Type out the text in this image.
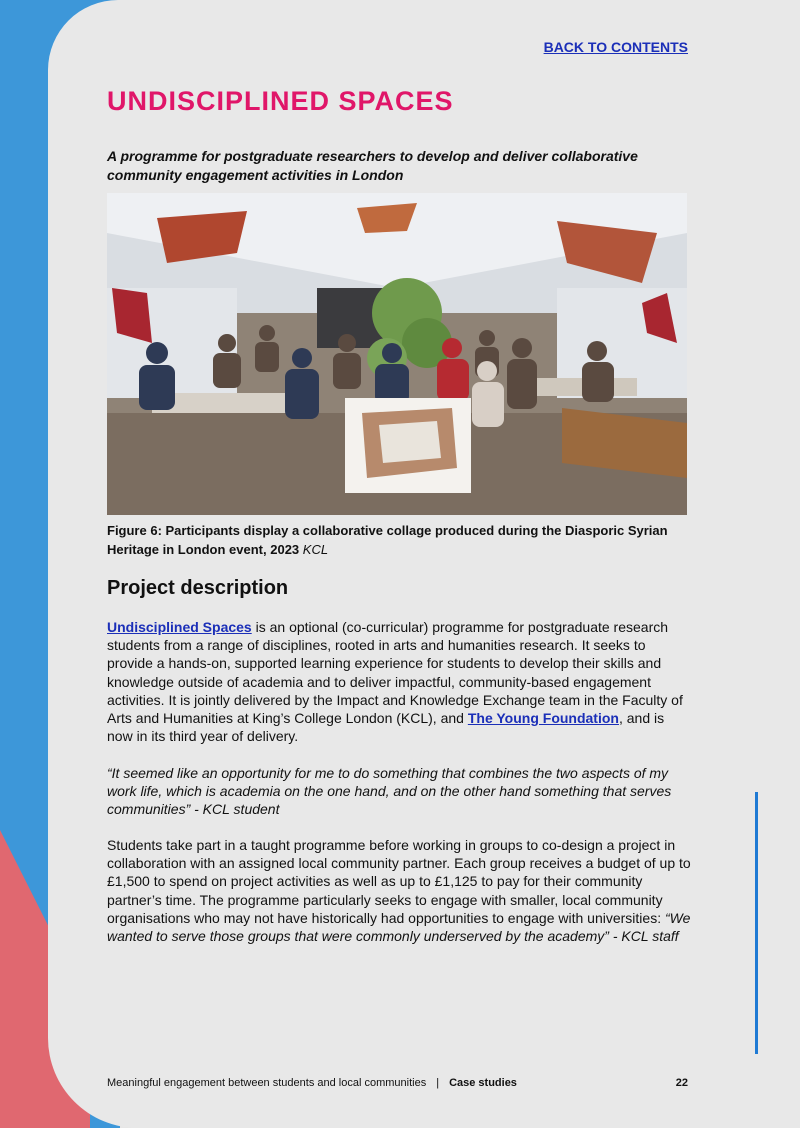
BACK TO CONTENTS
UNDISCIPLINED SPACES
A programme for postgraduate researchers to develop and deliver collaborative community engagement activities in London
Figure 6: Participants display a collaborative collage produced during the Diasporic Syrian Heritage in London event, 2023 KCL
Project description
Undisciplined Spaces is an optional (co-curricular) programme for postgraduate research students from a range of disciplines, rooted in arts and humanities research. It seeks to provide a hands-on, supported learning experience for students to develop their skills and knowledge outside of academia and to deliver impactful, community-based engagement activities. It is jointly delivered by the Impact and Knowledge Exchange team in the Faculty of Arts and Humanities at King’s College London (KCL), and The Young Foundation, and is now in its third year of delivery.
“It seemed like an opportunity for me to do something that combines the two aspects of my work life, which is academia on the one hand, and on the other hand something that serves communities” - KCL student
Students take part in a taught programme before working in groups to co-design a project in collaboration with an assigned local community partner. Each group receives a budget of up to £1,500 to spend on project activities as well as up to £1,125 to pay for their community partner’s time. The programme particularly seeks to engage with smaller, local community organisations who may not have historically had opportunities to engage with universities: “We wanted to serve those groups that were commonly underserved by the academy” - KCL staff
Meaningful engagement between students and local communities | Case studies	22
